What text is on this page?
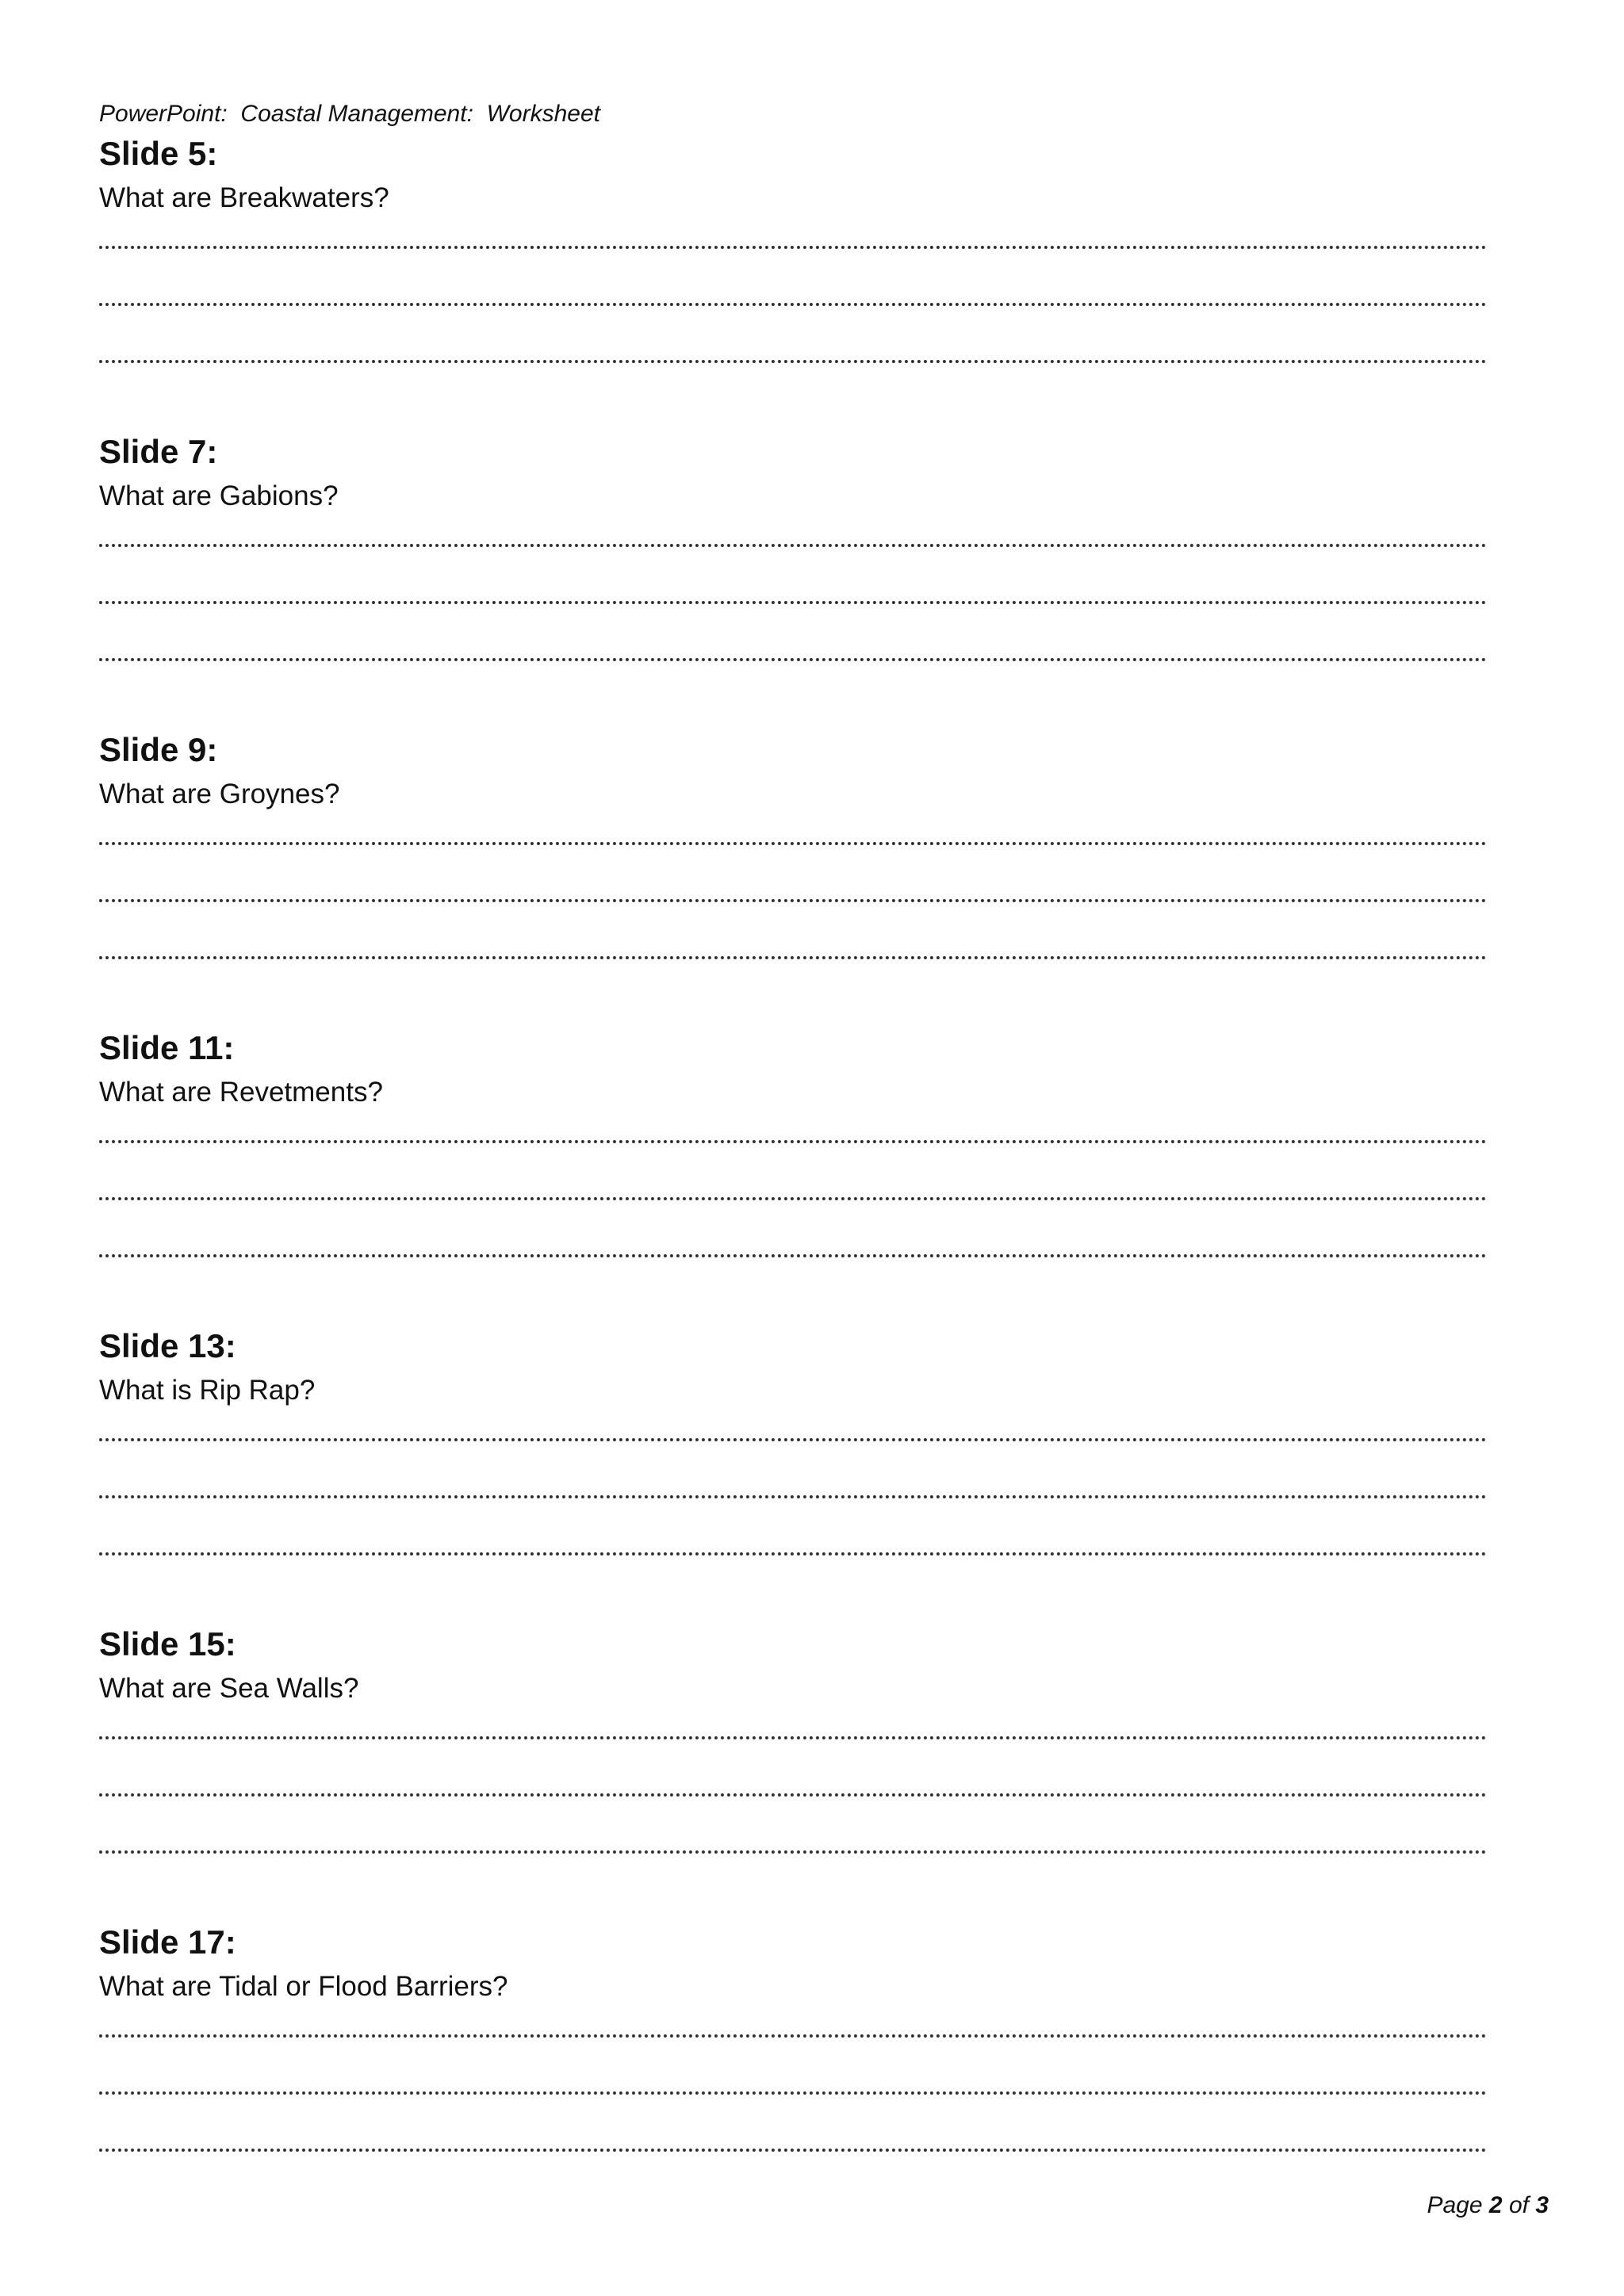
PowerPoint:  Coastal Management:  Worksheet
Slide 5:
What are Breakwaters?
Slide 7:
What are Gabions?
Slide 9:
What are Groynes?
Slide 11:
What are Revetments?
Slide 13:
What is Rip Rap?
Slide 15:
What are Sea Walls?
Slide 17:
What are Tidal or Flood Barriers?
Page 2 of 3
